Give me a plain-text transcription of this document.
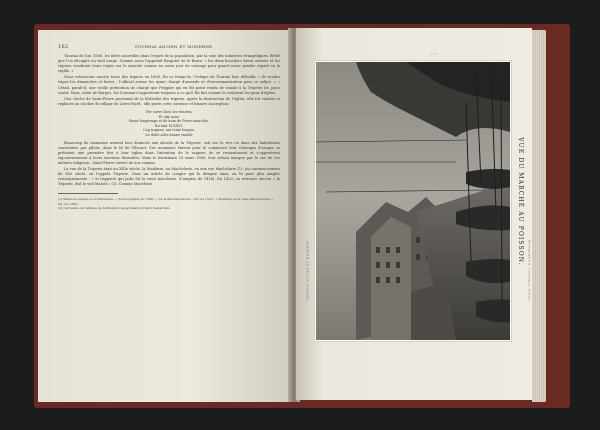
162	TOURNAI ANCIEN ET MODERNE.

Tournai de l'an 1566, les idées nouvelles dans l'esprit de la population, par la voie des ministres évangéliques. Brûlé que l'on décapite au vieil usage. Comme nous l'apprend Pasquier de le Barre, « les deux bouchers firent ouverts et les tripiers vendirent leurs tripes sur le marché comme au autre jour de carnage pour grand rouez pendre repaid en la vigille. »

Nous retrouvons encore trace des tripiers en 1608. En ce temps-là, l'évêque de Tournai leur défendit « de vendre tripes les dimanches et festes ; l'official acteur les ayant chargé d'amende et d'excommunication pour ce subjet. » « Cétait, paraît-il, une vieille prétention de chargé que Frippier qui en fût point vendu de viande à la Triperie les jours soubz. Mais, selon de Burges, les Consaux s'opposèrent toujours à ce qu'il fût fait comme le voulaient les gens d'église.

Une cloche de Saint-Pierre provenait de la libéralité des tripiers. Après la destruction de l'église, elle fut vendue et replacée au clocher du village de Leers-Nord ; elle porte cette curieuse et bizarre inscription :

Por sovre Dieu les venrées
Et oky nous
Passe longtemps et de nom de Pierre marchie,
En tant M.XXVI.
Cog trapeur, uni toute longue,
Le dolet ades bonne viande

Beaucoup de monnaies avaient leur domicile aux abords de la Triperie, soit sur la rive ou dans des habitations construites par pilotis, dans le lit de l'Escaut. Ces monnaies étaient pour le commerce leur échanges d'usages se prêtaient une première fois à leur église dans l'intention de le saigner, de se ressentissent et s'opposèrent vigoureusement à leurs mesures dessolées. Mais le lendemain 23 mars 1500, leur refusa marque par le sac de ces métiers religieux ; Saint-Pierre ouvert de nos comme.

La rue de la Triperie était au XIIIe siècle, la Maiderie, au Machelerie, en aux rue Machelarie (1). Au commencement du XVe siècle, on l'appela Triperie. Dans un article de compte qui le désigne ainsi, on lit pour plus amples renseignements : « le tripperie qui jadis fut la viese boucherie. (Comptes de 1414). En 1420, on retrouve encore « la Triperie, dist le viel Maisel » (2). Comme Macelerie

(1) Maiserie vendue ou la Macelarie. « (Cartographie du 1396). « De la Machelrisderie » (Ibi de 1391). « Heritage en le viese Machelerière ». (Id. de 1366).
(2) Cartulaire de l'abbaye de St-Médard, appartenant à Henri Casterman.
1 1 1
VUE DU MARCHÉ AU POISSON.
TOURNAI ANCIEN ET MODERNE	Photographie H. Casterman, Tournai
